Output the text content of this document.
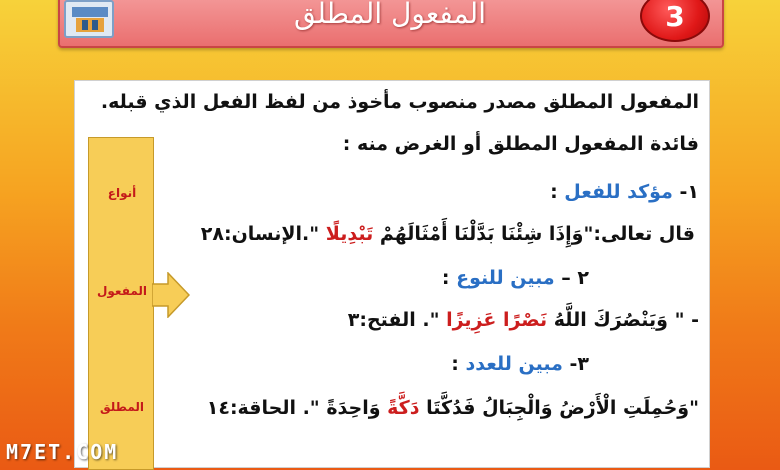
المفعول المطلق	3
المفعول المطلق مصدر منصوب مأخوذ من لفظ الفعل الذي قبله.
فائدة المفعول المطلق أو الغرض منه :
١- مؤكد للفعل :
قال تعالى:"وَإِذَا شِئْنَا بَدَّلْنَا أَمْثَالَهُمْ تَبْدِيلًا ".الإنسان:٢٨
٢ – مبين للنوع :
- " وَيَنْصُرَكَ اللَّهُ نَصْرًا عَزِيزًا ". الفتح:٣
٣- مبين للعدد :
"وَحُمِلَتِ الْأَرْضُ وَالْجِبَالُ فَدُكَّتَا دَكَّةً وَاحِدَةً ". الحاقة:١٤
أنواع
المفعول
المطلق
M7ET.COM
